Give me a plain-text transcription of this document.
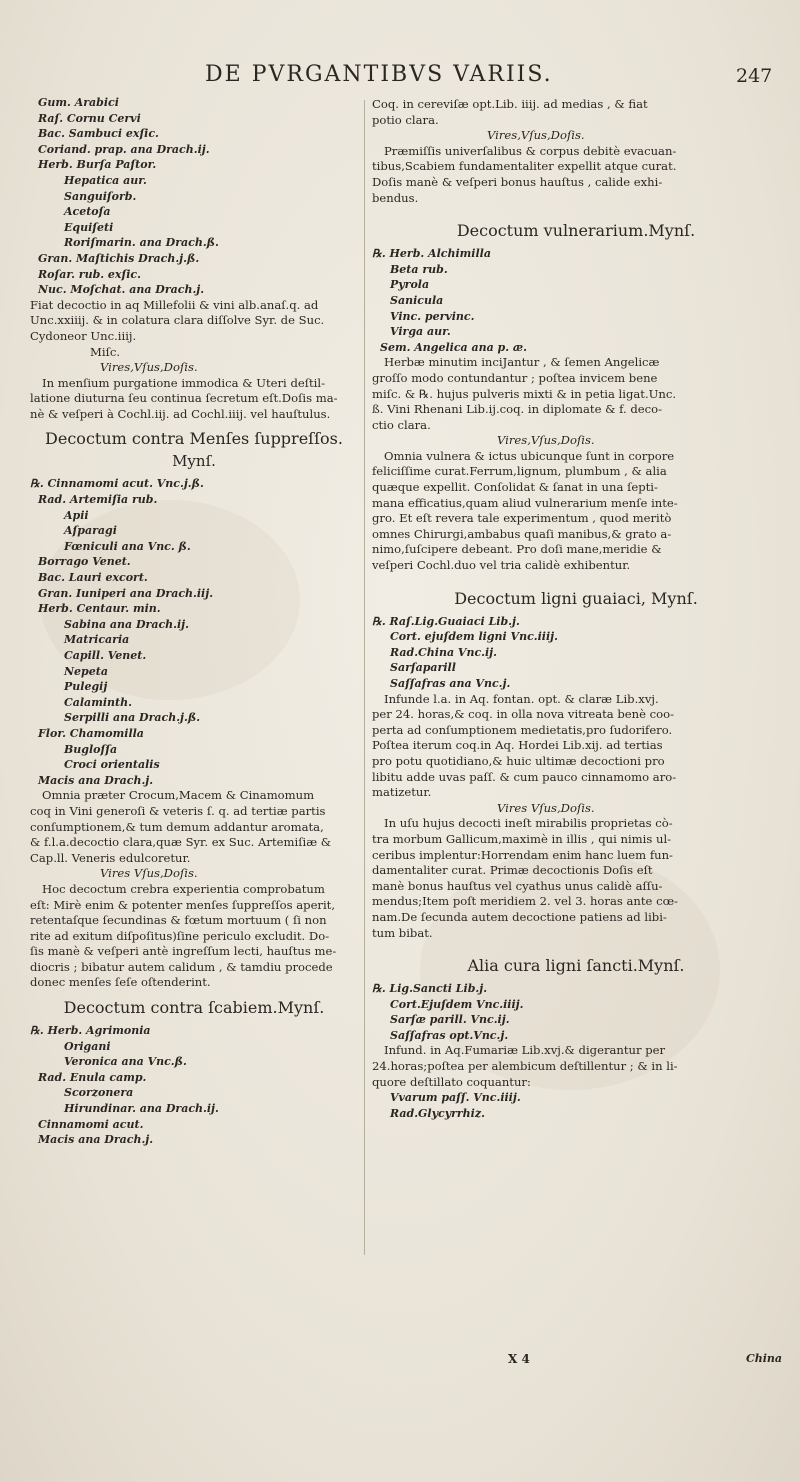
DE PVRGANTIBVS VARIIS.	247
Gum. Arabici
Raſ. Cornu Cervi
Bac. Sambuci exſic.
Coriand. prap. ana Drach.ij.
Herb. Burſa Paſtor.
Hepatica aur.
Sanguiſorb.
Acetoſa
Equiſeti
Roriſmarin. ana Drach.ß.
Gran. Maſtichis Drach.j.ß.
Roſar. rub. exſic.
Nuc. Moſchat. ana Drach.j.
Fiat decoctio in aq Millefolii & vini alb.anaſ.q. ad
Unc.xxiiij. & in colatura clara diſſolve Syr. de Suc.
Cydoneor Unc.iiij.
Miſc.
Vires,Vſus,Doſis.
In menſium purgatione immodica & Uteri deſtil-
latione diuturna ſeu continua ſecretum eſt.Doſis ma-
nè & veſperi à Cochl.iij. ad Cochl.iiij. vel hauſtulus.
Decoctum contra Menſes ſuppreſſos.
Mynſ.
℞. Cinnamomi acut. Vnc.j.ß.
Rad. Artemiſia rub.
Apii
Aſparagi
Fœniculi ana Vnc. ß.
Borrago Venet.
Bac. Lauri excort.
Gran. Iuniperi ana Drach.iij.
Herb. Centaur. min.
Sabina ana Drach.ij.
Matricaria
Capill. Venet.
Nepeta
Pulegij
Calaminth.
Serpilli ana Drach.j.ß.
Flor. Chamomilla
Bugloſſa
Croci orientalis
Macis ana Drach.j.
Omnia præter Crocum,Macem & Cinamomum
coq in Vini generoſi & veteris ſ. q. ad tertiæ partis
conſumptionem,& tum demum addantur aromata,
& f.l.a.decoctio clara,quæ Syr. ex Suc. Artemiſiæ &
Cap.ll. Veneris edulcoretur.
Vires Vſus,Doſis.
Hoc decoctum crebra experientia comprobatum
eſt: Mirè enim & potenter menſes ſuppreſſos aperit,
retentaſque ſecundinas & fœtum mortuum ( ſi non
rite ad exitum diſpoſitus)ſine periculo excludit. Do-
ſis manè & veſperi antè ingreſſum lecti, hauſtus me-
diocris ; bibatur autem calidum , & tamdiu procede
donec menſes ſeſe oſtenderint.
Decoctum contra ſcabiem.Mynſ.
℞. Herb. Agrimonia
Origani
Veronica ana Vnc.ß.
Rad. Enula camp.
Scorzonera
Hirundinar. ana Drach.ij.
Cinnamomi acut.
Macis ana Drach.j.
Coq. in cereviſæ opt.Lib. iiij. ad medias , & fiat
potio clara.
Vires,Vſus,Doſis.
Præmiſſis univerſalibus & corpus debitè evacuan-
tibus,Scabiem fundamentaliter expellit atque curat.
Doſis manè & veſperi bonus hauſtus , calide exhi-
bendus.
Decoctum vulnerarium.Mynſ.
℞. Herb. Alchimilla
Beta rub.
Pyrola
Sanicula
Vinc. pervinc.
Virga aur.
Sem. Angelica ana p. æ.
Herbæ minutim inciJantur , & ſemen Angelicæ
groſſo modo contundantur ; poſtea invicem bene
miſc. & ℞. hujus pulveris mixti & in petia ligat.Unc.
ß. Vini Rhenani Lib.ij.coq. in diplomate & f. deco-
ctio clara.
Vires,Vſus,Doſis.
Omnia vulnera & ictus ubicunque ſunt in corpore
feliciſſime curat.Ferrum,lignum, plumbum , & alia
quæque expellit. Conſolidat & ſanat in una ſepti-
mana efficatius,quam aliud vulnerarium menſe inte-
gro. Et eſt revera tale experimentum , quod meritò
omnes Chirurgi,ambabus quaſi manibus,& grato a-
nimo,ſuſcipere debeant. Pro doſi mane,meridie &
veſperi Cochl.duo vel tria calidè exhibentur.
Decoctum ligni guaiaci, Mynſ.
℞. Raſ.Lig.Guaiaci Lib.j.
Cort. ejuſdem ligni Vnc.iiij.
Rad.China Vnc.ij.
Sarſaparill
Saſſafras ana Vnc.j.
Infunde l.a. in Aq. fontan. opt. & claræ Lib.xvj.
per 24. horas,& coq. in olla nova vitreata benè coo-
perta ad conſumptionem medietatis,pro ſudorifero.
Poſtea iterum coq.in Aq. Hordei Lib.xij. ad tertias
pro potu quotidiano,& huic ultimæ decoctioni pro
libitu adde uvas paſſ. & cum pauco cinnamomo aro-
matizetur.
Vires Vſus,Doſis.
In uſu hujus decocti ineſt mirabilis proprietas cò-
tra morbum Gallicum,maximè in illis , qui nimis ul-
ceribus implentur:Horrendam enim hanc luem fun-
damentaliter curat. Primæ decoctionis Doſis eſt
manè bonus hauſtus vel cyathus unus calidè aſſu-
mendus;Item poſt meridiem 2. vel 3. horas ante cœ-
nam.De ſecunda autem decoctione patiens ad libi-
tum bibat.
Alia cura ligni ſancti.Mynſ.
℞. Lig.Sancti Lib.j.
Cort.Ejuſdem Vnc.iiij.
Sarſæ parill. Vnc.ij.
Saſſafras opt.Vnc.j.
Infund. in Aq.Fumariæ Lib.xvj.& digerantur per
24.horas;poſtea per alembicum deſtillentur ; & in li-
quore deſtillato coquantur:
Vvarum paſſ. Vnc.iiij.
Rad.Glycyrrhiz.
X 4	China
